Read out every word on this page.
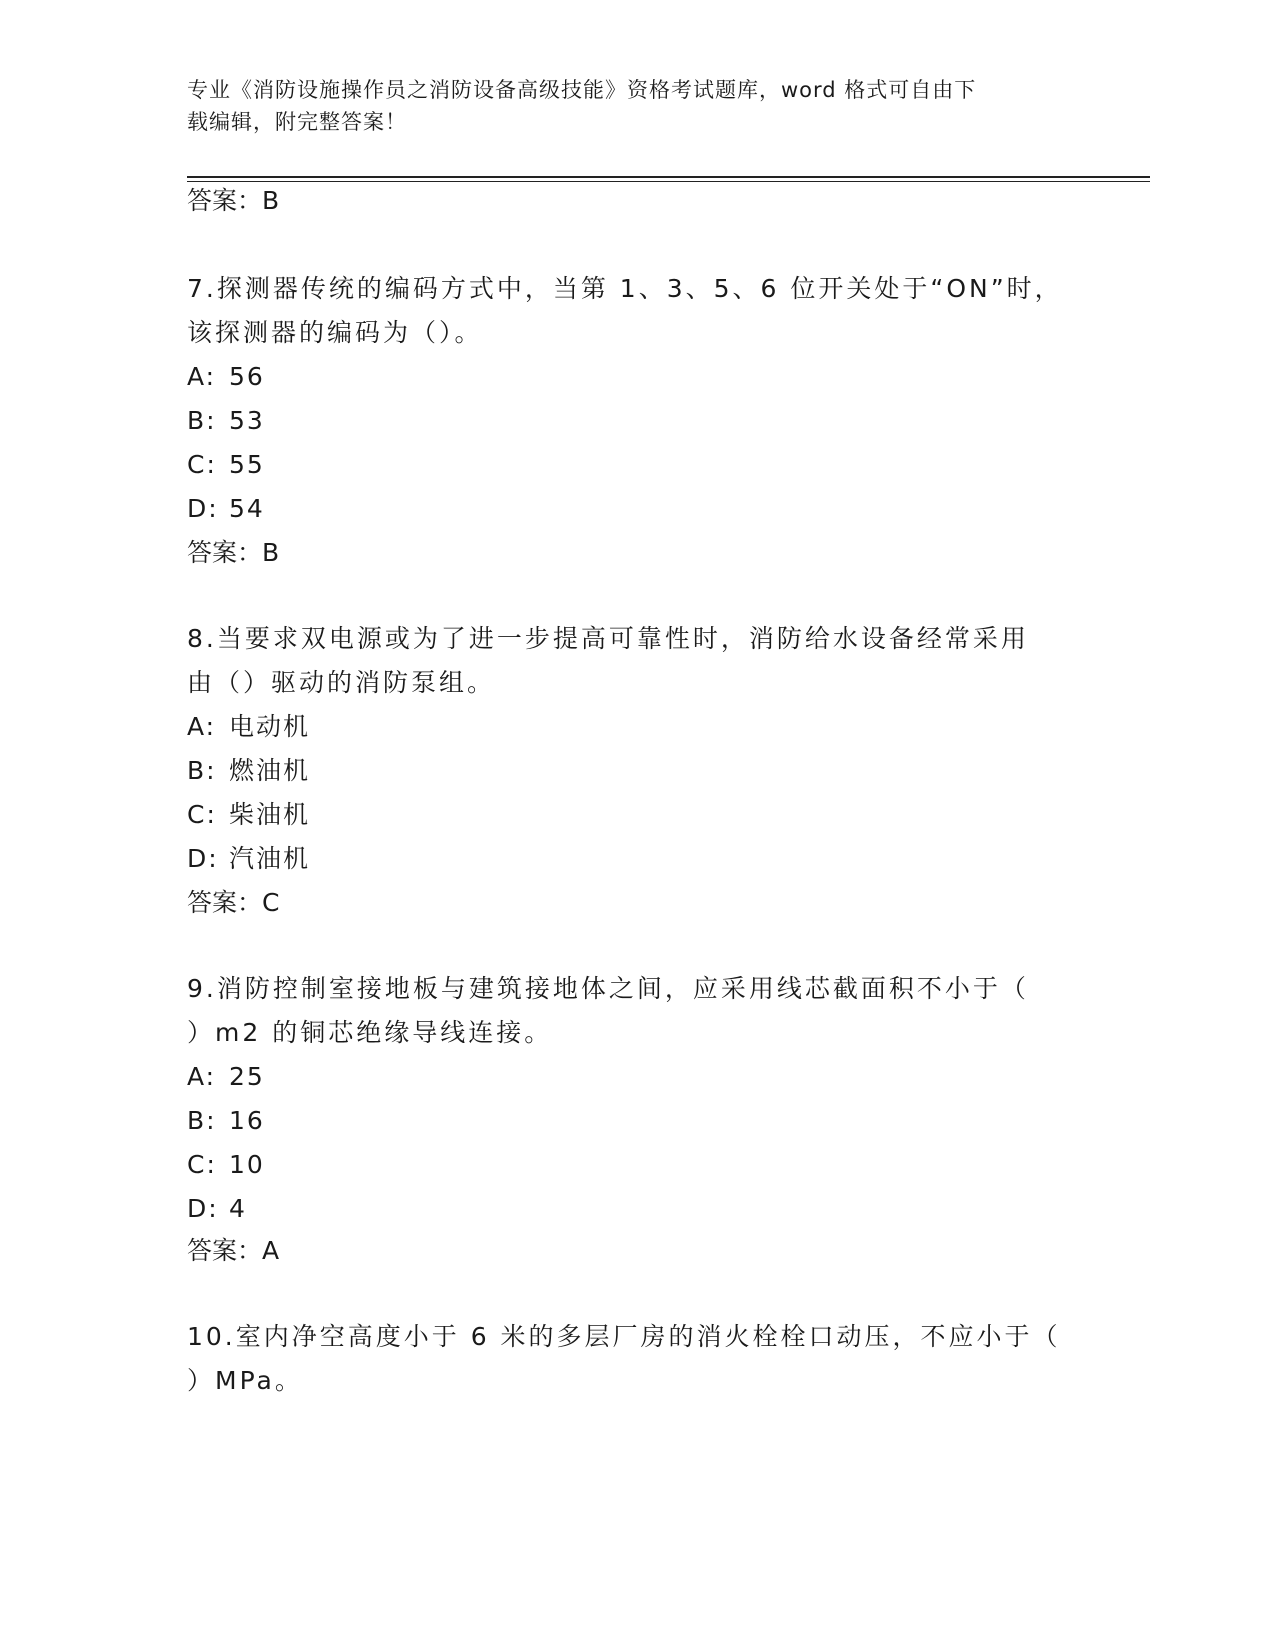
专业《消防设施操作员之消防设备高级技能》资格考试题库，word 格式可自由下
载编辑，附完整答案！
答案：B
7.探测器传统的编码方式中，当第 1、3、5、6 位开关处于“ON”时，
该探测器的编码为（）。
A: 56
B: 53
C: 55
D: 54
答案：B
8.当要求双电源或为了进一步提高可靠性时，消防给水设备经常采用
由（）驱动的消防泵组。
A: 电动机
B: 燃油机
C: 柴油机
D: 汽油机
答案：C
9.消防控制室接地板与建筑接地体之间，应采用线芯截面积不小于（
）m2 的铜芯绝缘导线连接。
A: 25
B: 16
C: 10
D: 4
答案：A
10.室内净空高度小于 6 米的多层厂房的消火栓栓口动压，不应小于（
）MPa。
